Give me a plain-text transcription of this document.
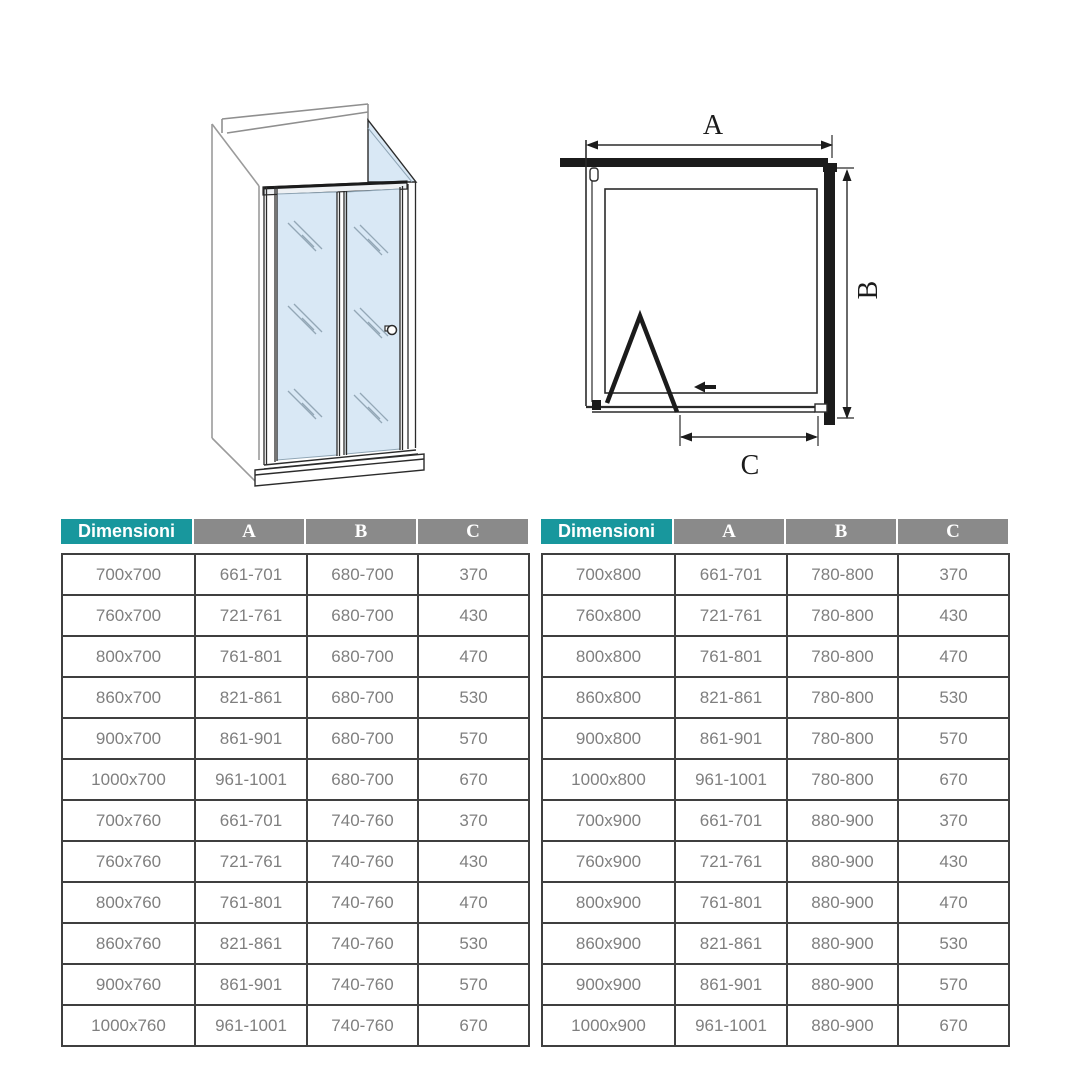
A
B
C
Dimensioni	A	B	C
700x700	661-701	680-700	370
760x700	721-761	680-700	430
800x700	761-801	680-700	470
860x700	821-861	680-700	530
900x700	861-901	680-700	570
1000x700	961-1001	680-700	670
700x760	661-701	740-760	370
760x760	721-761	740-760	430
800x760	761-801	740-760	470
860x760	821-861	740-760	530
900x760	861-901	740-760	570
1000x760	961-1001	740-760	670
Dimensioni	A	B	C
700x800	661-701	780-800	370
760x800	721-761	780-800	430
800x800	761-801	780-800	470
860x800	821-861	780-800	530
900x800	861-901	780-800	570
1000x800	961-1001	780-800	670
700x900	661-701	880-900	370
760x900	721-761	880-900	430
800x900	761-801	880-900	470
860x900	821-861	880-900	530
900x900	861-901	880-900	570
1000x900	961-1001	880-900	670
